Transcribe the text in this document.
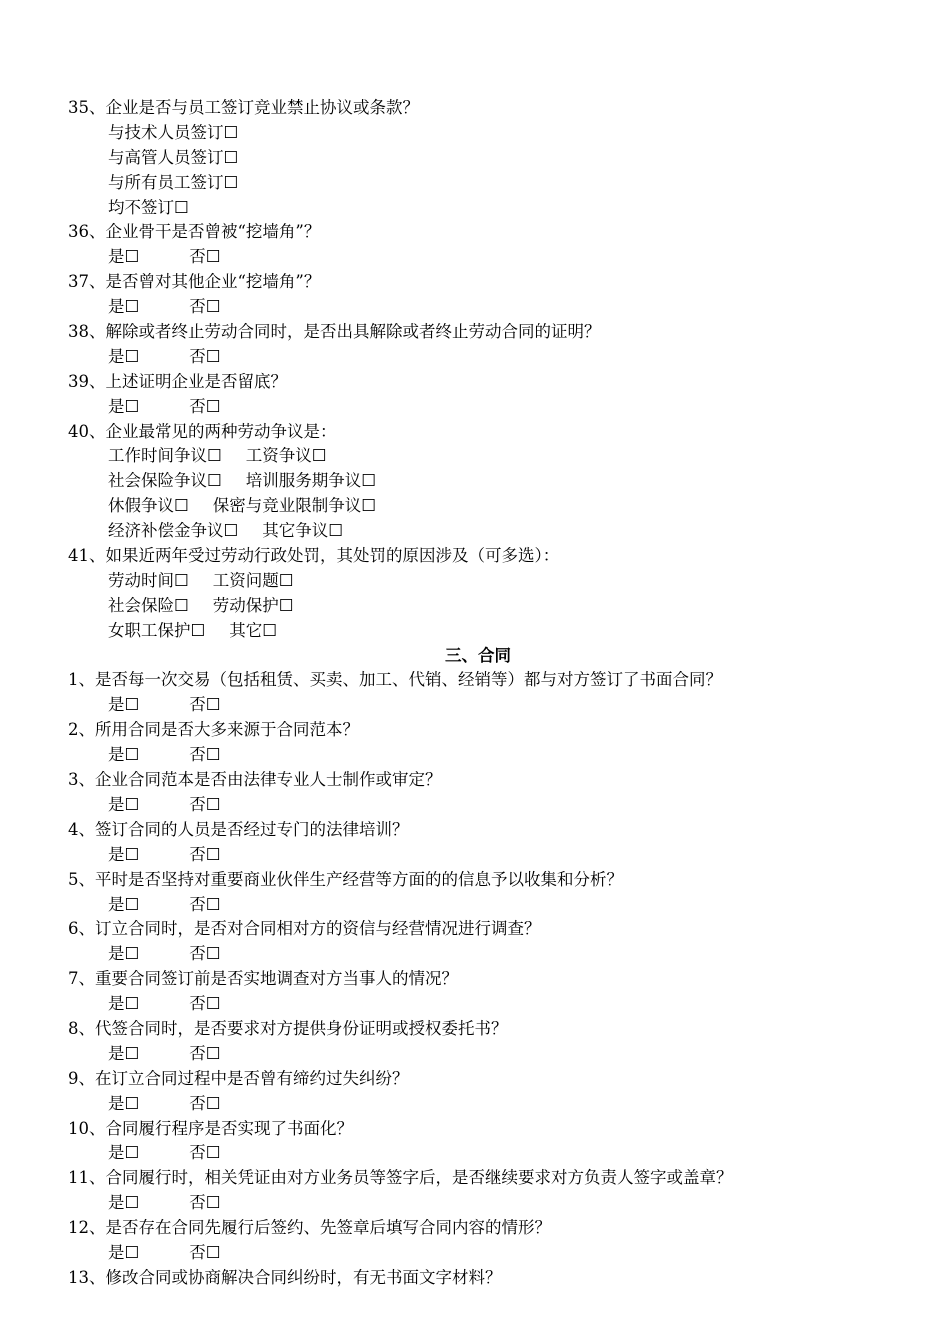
35、企业是否与员工签订竞业禁止协议或条款？
与技术人员签订☐
与高管人员签订☐
与所有员工签订☐
均不签订☐
36、企业骨干是否曾被“挖墙角”？
是☐	否☐
37、是否曾对其他企业“挖墙角”？
是☐	否☐
38、解除或者终止劳动合同时，是否出具解除或者终止劳动合同的证明？
是☐	否☐
39、上述证明企业是否留底？
是☐	否☐
40、企业最常见的两种劳动争议是：
工作时间争议☐ 工资争议☐
社会保险争议☐ 培训服务期争议☐
休假争议☐ 保密与竞业限制争议☐
经济补偿金争议☐ 其它争议☐
41、如果近两年受过劳动行政处罚，其处罚的原因涉及（可多选）：
劳动时间☐ 工资问题☐
社会保险☐ 劳动保护☐
女职工保护☐ 其它☐
三、合同
1、是否每一次交易（包括租赁、买卖、加工、代销、经销等）都与对方签订了书面合同？
是☐	否☐
2、所用合同是否大多来源于合同范本？
是☐	否☐
3、企业合同范本是否由法律专业人士制作或审定？
是☐	否☐
4、签订合同的人员是否经过专门的法律培训？
是☐	否☐
5、平时是否坚持对重要商业伙伴生产经营等方面的的信息予以收集和分析？
是☐	否☐
6、订立合同时，是否对合同相对方的资信与经营情况进行调查？
是☐	否☐
7、重要合同签订前是否实地调查对方当事人的情况？
是☐	否☐
8、代签合同时，是否要求对方提供身份证明或授权委托书？
是☐	否☐
9、在订立合同过程中是否曾有缔约过失纠纷？
是☐	否☐
10、合同履行程序是否实现了书面化？
是☐	否☐
11、合同履行时，相关凭证由对方业务员等签字后，是否继续要求对方负责人签字或盖章？
是☐	否☐
12、是否存在合同先履行后签约、先签章后填写合同内容的情形？
是☐	否☐
13、修改合同或协商解决合同纠纷时，有无书面文字材料？
